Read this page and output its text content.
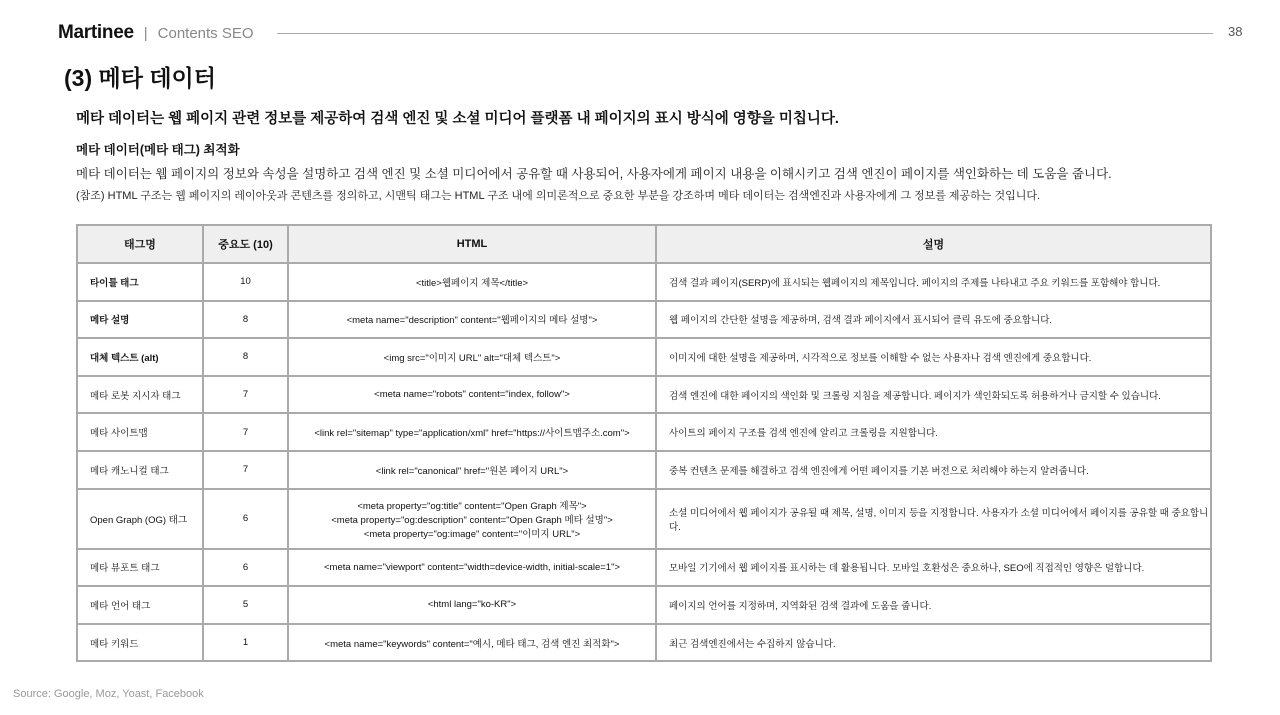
Martinee | Contents SEO	38
(3) 메타 데이터
메타 데이터는 웹 페이지 관련 정보를 제공하여 검색 엔진 및 소셜 미디어 플랫폼 내 페이지의 표시 방식에 영향을 미칩니다.
메타 데이터(메타 태그) 최적화
메타 데이터는 웹 페이지의 정보와 속성을 설명하고 검색 엔진 및 소셜 미디어에서 공유할 때 사용되어, 사용자에게 페이지 내용을 이해시키고 검색 엔진이 페이지를 색인화하는 데 도움을 줍니다.
(참조) HTML 구조는 웹 페이지의 레이아웃과 콘텐츠를 정의하고, 시맨틱 태그는 HTML 구조 내에 의미론적으로 중요한 부분을 강조하며 메타 데이터는 검색엔진과 사용자에게 그 정보를 제공하는 것입니다.
태그명	중요도 (10)	HTML	설명
타이틀 태그	10	<title>웹페이지 제목</title>	검색 결과 페이지(SERP)에 표시되는 웹페이지의 제목입니다. 페이지의 주제를 나타내고 주요 키워드를 포함해야 합니다.
메타 설명	8	<meta name="description" content="웹페이지의 메타 설명">	웹 페이지의 간단한 설명을 제공하며, 검색 결과 페이지에서 표시되어 클릭 유도에 중요합니다.
대체 텍스트 (alt)	8	<img src="이미지 URL" alt="대체 텍스트">	이미지에 대한 설명을 제공하며, 시각적으로 정보를 이해할 수 없는 사용자나 검색 엔진에게 중요합니다.
메타 로봇 지시자 태그	7	<meta name="robots" content="index, follow">	검색 엔진에 대한 페이지의 색인화 및 크롤링 지침을 제공합니다. 페이지가 색인화되도록 허용하거나 금지할 수 있습니다.
메타 사이트맵	7	<link rel="sitemap" type="application/xml" href="https://사이트맵주소.com">	사이트의 페이지 구조를 검색 엔진에 알리고 크롤링을 지원합니다.
메타 캐노니컬 태그	7	<link rel="canonical" href="원본 페이지 URL">	중복 컨텐츠 문제를 해결하고 검색 엔진에게 어떤 페이지를 기본 버전으로 처리해야 하는지 알려줍니다.
Open Graph (OG) 태그	6	<meta property="og:title" content="Open Graph 제목">
<meta property="og:description" content="Open Graph 메타 설명">
<meta property="og:image" content="이미지 URL">	소셜 미디어에서 웹 페이지가 공유될 때 제목, 설명, 이미지 등을 지정합니다. 사용자가 소셜 미디어에서 페이지를 공유할 때 중요합니다.
메타 뷰포트 태그	6	<meta name="viewport" content="width=device-width, initial-scale=1">	모바일 기기에서 웹 페이지를 표시하는 데 활용됩니다. 모바일 호환성은 중요하나, SEO에 직접적인 영향은 덜합니다.
메타 언어 태그	5	<html lang="ko-KR">	페이지의 언어를 지정하며, 지역화된 검색 결과에 도움을 줍니다.
메타 키워드	1	<meta name="keywords" content="예시, 메타 태그, 검색 엔진 최적화">	최근 검색엔진에서는 수집하지 않습니다.
Source: Google, Moz, Yoast, Facebook
